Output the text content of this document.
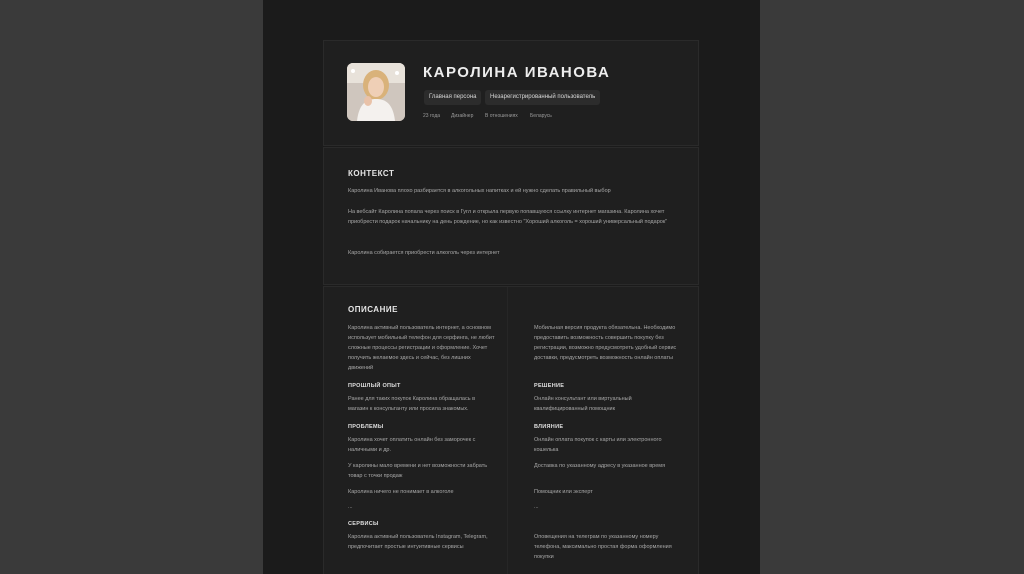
КАРОЛИНА ИВАНОВА
Главная персона	Незарегистрированный пользователь
23 года Дизайнер В отношениях Беларусь
КОНТЕКСТ
Каролина Иванова плохо разбирается в алкогольных напитках и ей нужно сделать правильный выбор
На вебсайт Каролина попала через поиск в Гугл и открыла первую попавшуюся ссылку интернет магазина. Каролина хочет приобрести подарок начальнику на день рождение, но как известно "Хороший алкоголь = хороший универсальный подарок"
Каролина собирается приобрести алкоголь через интернет
ОПИСАНИЕ
Каролина активный пользователь интернет, а основном использует мобильный телефон для серфинга, не любит сложные процессы регистрации и оформление. Хочет получить желаемое здесь и сейчас, без лишних движений
Мобильная версия продукта обязательна. Необходимо предоставить возможность совершить покупку без регистрации, возможно предусмотреть удобный сервис доставки, предусмотреть возможность онлайн оплаты
ПРОШЛЫЙ ОПЫТ
Ранее для таких покупок Каролина обращалась в магазин к консультанту или просила знакомых.
РЕШЕНИЕ
Онлайн консультант или виртуальный квалифицированный помощник
ПРОБЛЕМЫ
Каролина хочет оплатить онлайн без заморочек с наличными и др.
У каролины мало времени и нет возможности забрать товар с точки продаж
Каролина ничего не понимает в алкоголе
...
ВЛИЯНИЕ
Онлайн оплата покупок с карты или электронного кошелька
Доставка по указанному адресу в указанное время
Помощник или эксперт
...
СЕРВИСЫ
Каролина активный пользователь Instagram, Telegram, предпочитает простые интуитивные сервисы
Оповещения на телеграм по указанному номеру телефона, максимально простая форма оформления покупки
